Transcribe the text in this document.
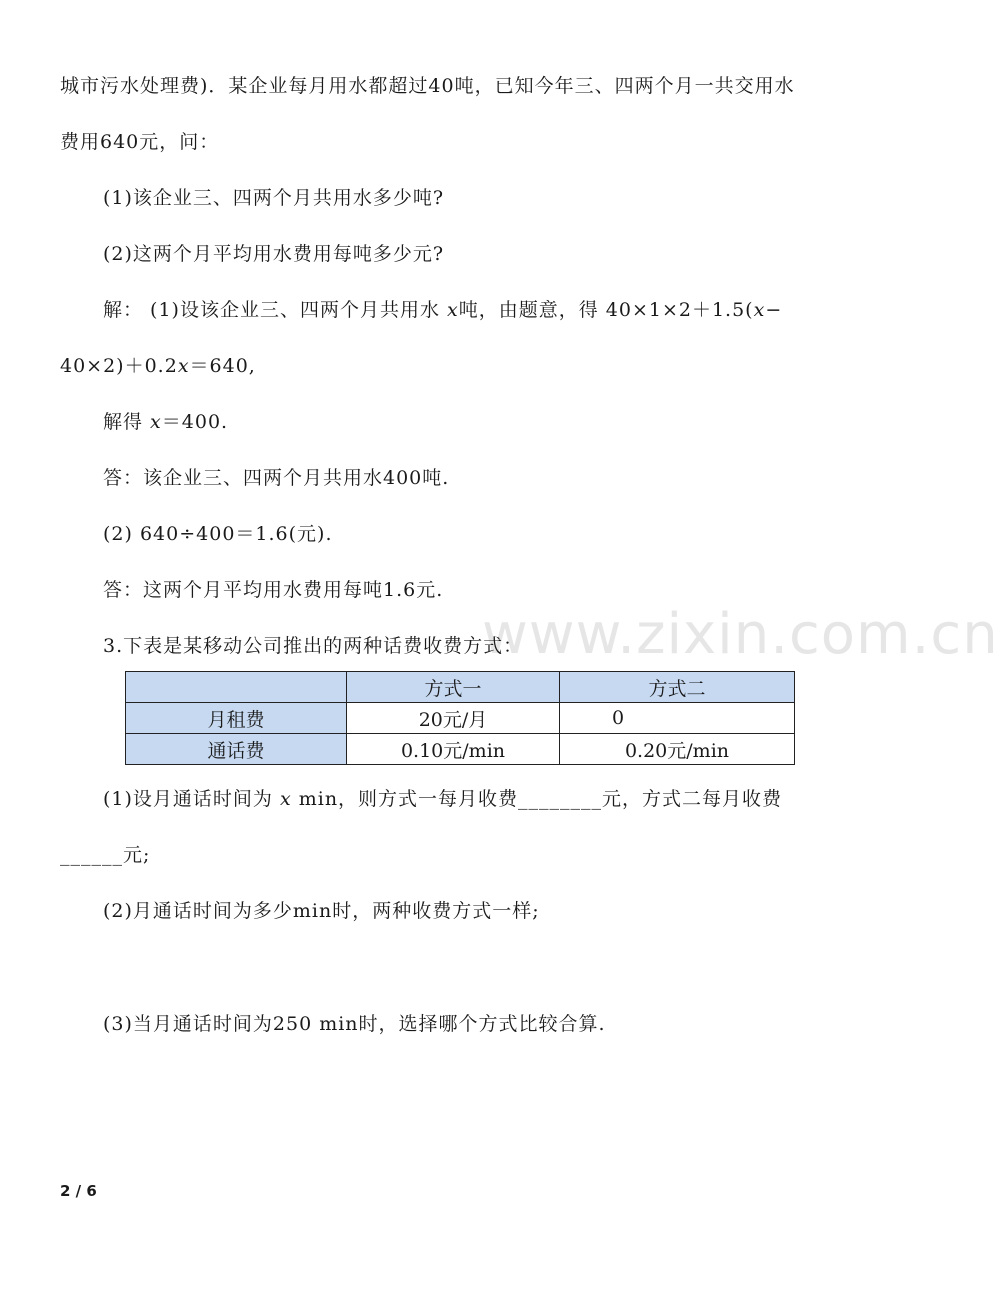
www.zixin.com.cn
城市污水处理费)．某企业每月用水都超过40吨，已知今年三、四两个月一共交用水
费用640元，问：
(1)该企业三、四两个月共用水多少吨?
(2)这两个月平均用水费用每吨多少元?
解： (1)设该企业三、四两个月共用水 x吨，由题意，得 40×1×2＋1.5(x−
40×2)＋0.2x＝640,
解得 x＝400.
答：该企业三、四两个月共用水400吨.
(2) 640÷400＝1.6(元).
答：这两个月平均用水费用每吨1.6元.
3.下表是某移动公司推出的两种话费收费方式：
	方式一	方式二
月租费	20元/月	0
通话费	0.10元/min	0.20元/min
(1)设月通话时间为 x min，则方式一每月收费________元，方式二每月收费
______元;
(2)月通话时间为多少min时，两种收费方式一样;
(3)当月通话时间为250 min时，选择哪个方式比较合算.
2 / 6
